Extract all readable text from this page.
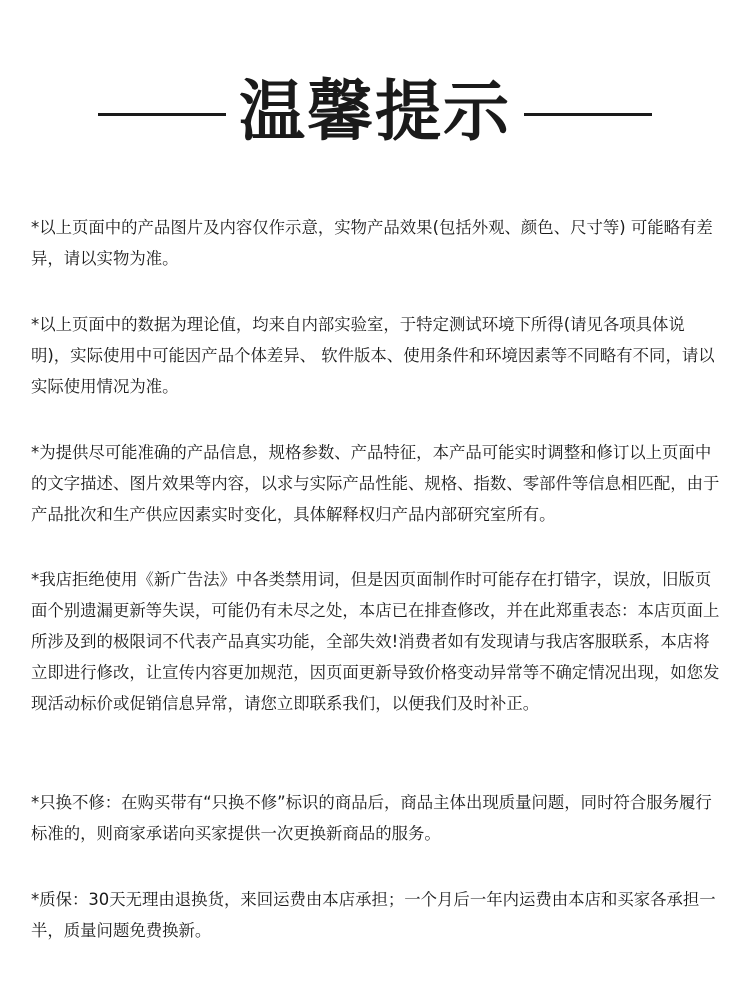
温馨提示

*以上页面中的产品图片及内容仅作示意，实物产品效果(包括外观、颜色、尺寸等) 可能略有差异，请以实物为准。

*以上页面中的数据为理论值，均来自内部实验室，于特定测试环境下所得(请见各项具体说明)，实际使用中可能因产品个体差异、 软件版本、使用条件和环境因素等不同略有不同，请以实际使用情况为准。

*为提供尽可能准确的产品信息，规格参数、产品特征，本产品可能实时调整和修订以上页面中的文字描述、图片效果等内容，以求与实际产品性能、规格、指数、零部件等信息相匹配，由于产品批次和生产供应因素实时变化，具体解释权归产品内部研究室所有。

*我店拒绝使用《新广告法》中各类禁用词，但是因页面制作时可能存在打错字，误放，旧版页面个别遗漏更新等失误，可能仍有未尽之处，本店已在排查修改，并在此郑重表态：本店页面上所涉及到的极限词不代表产品真实功能，全部失效!消费者如有发现请与我店客服联系，本店将立即进行修改，让宣传内容更加规范，因页面更新导致价格变动异常等不确定情况出现，如您发现活动标价或促销信息异常，请您立即联系我们，以便我们及时补正。

*只换不修：在购买带有“只换不修”标识的商品后，商品主体出现质量问题，同时符合服务履行标准的，则商家承诺向买家提供一次更换新商品的服务。

*质保：30天无理由退换货，来回运费由本店承担；一个月后一年内运费由本店和买家各承担一半，质量问题免费换新。
